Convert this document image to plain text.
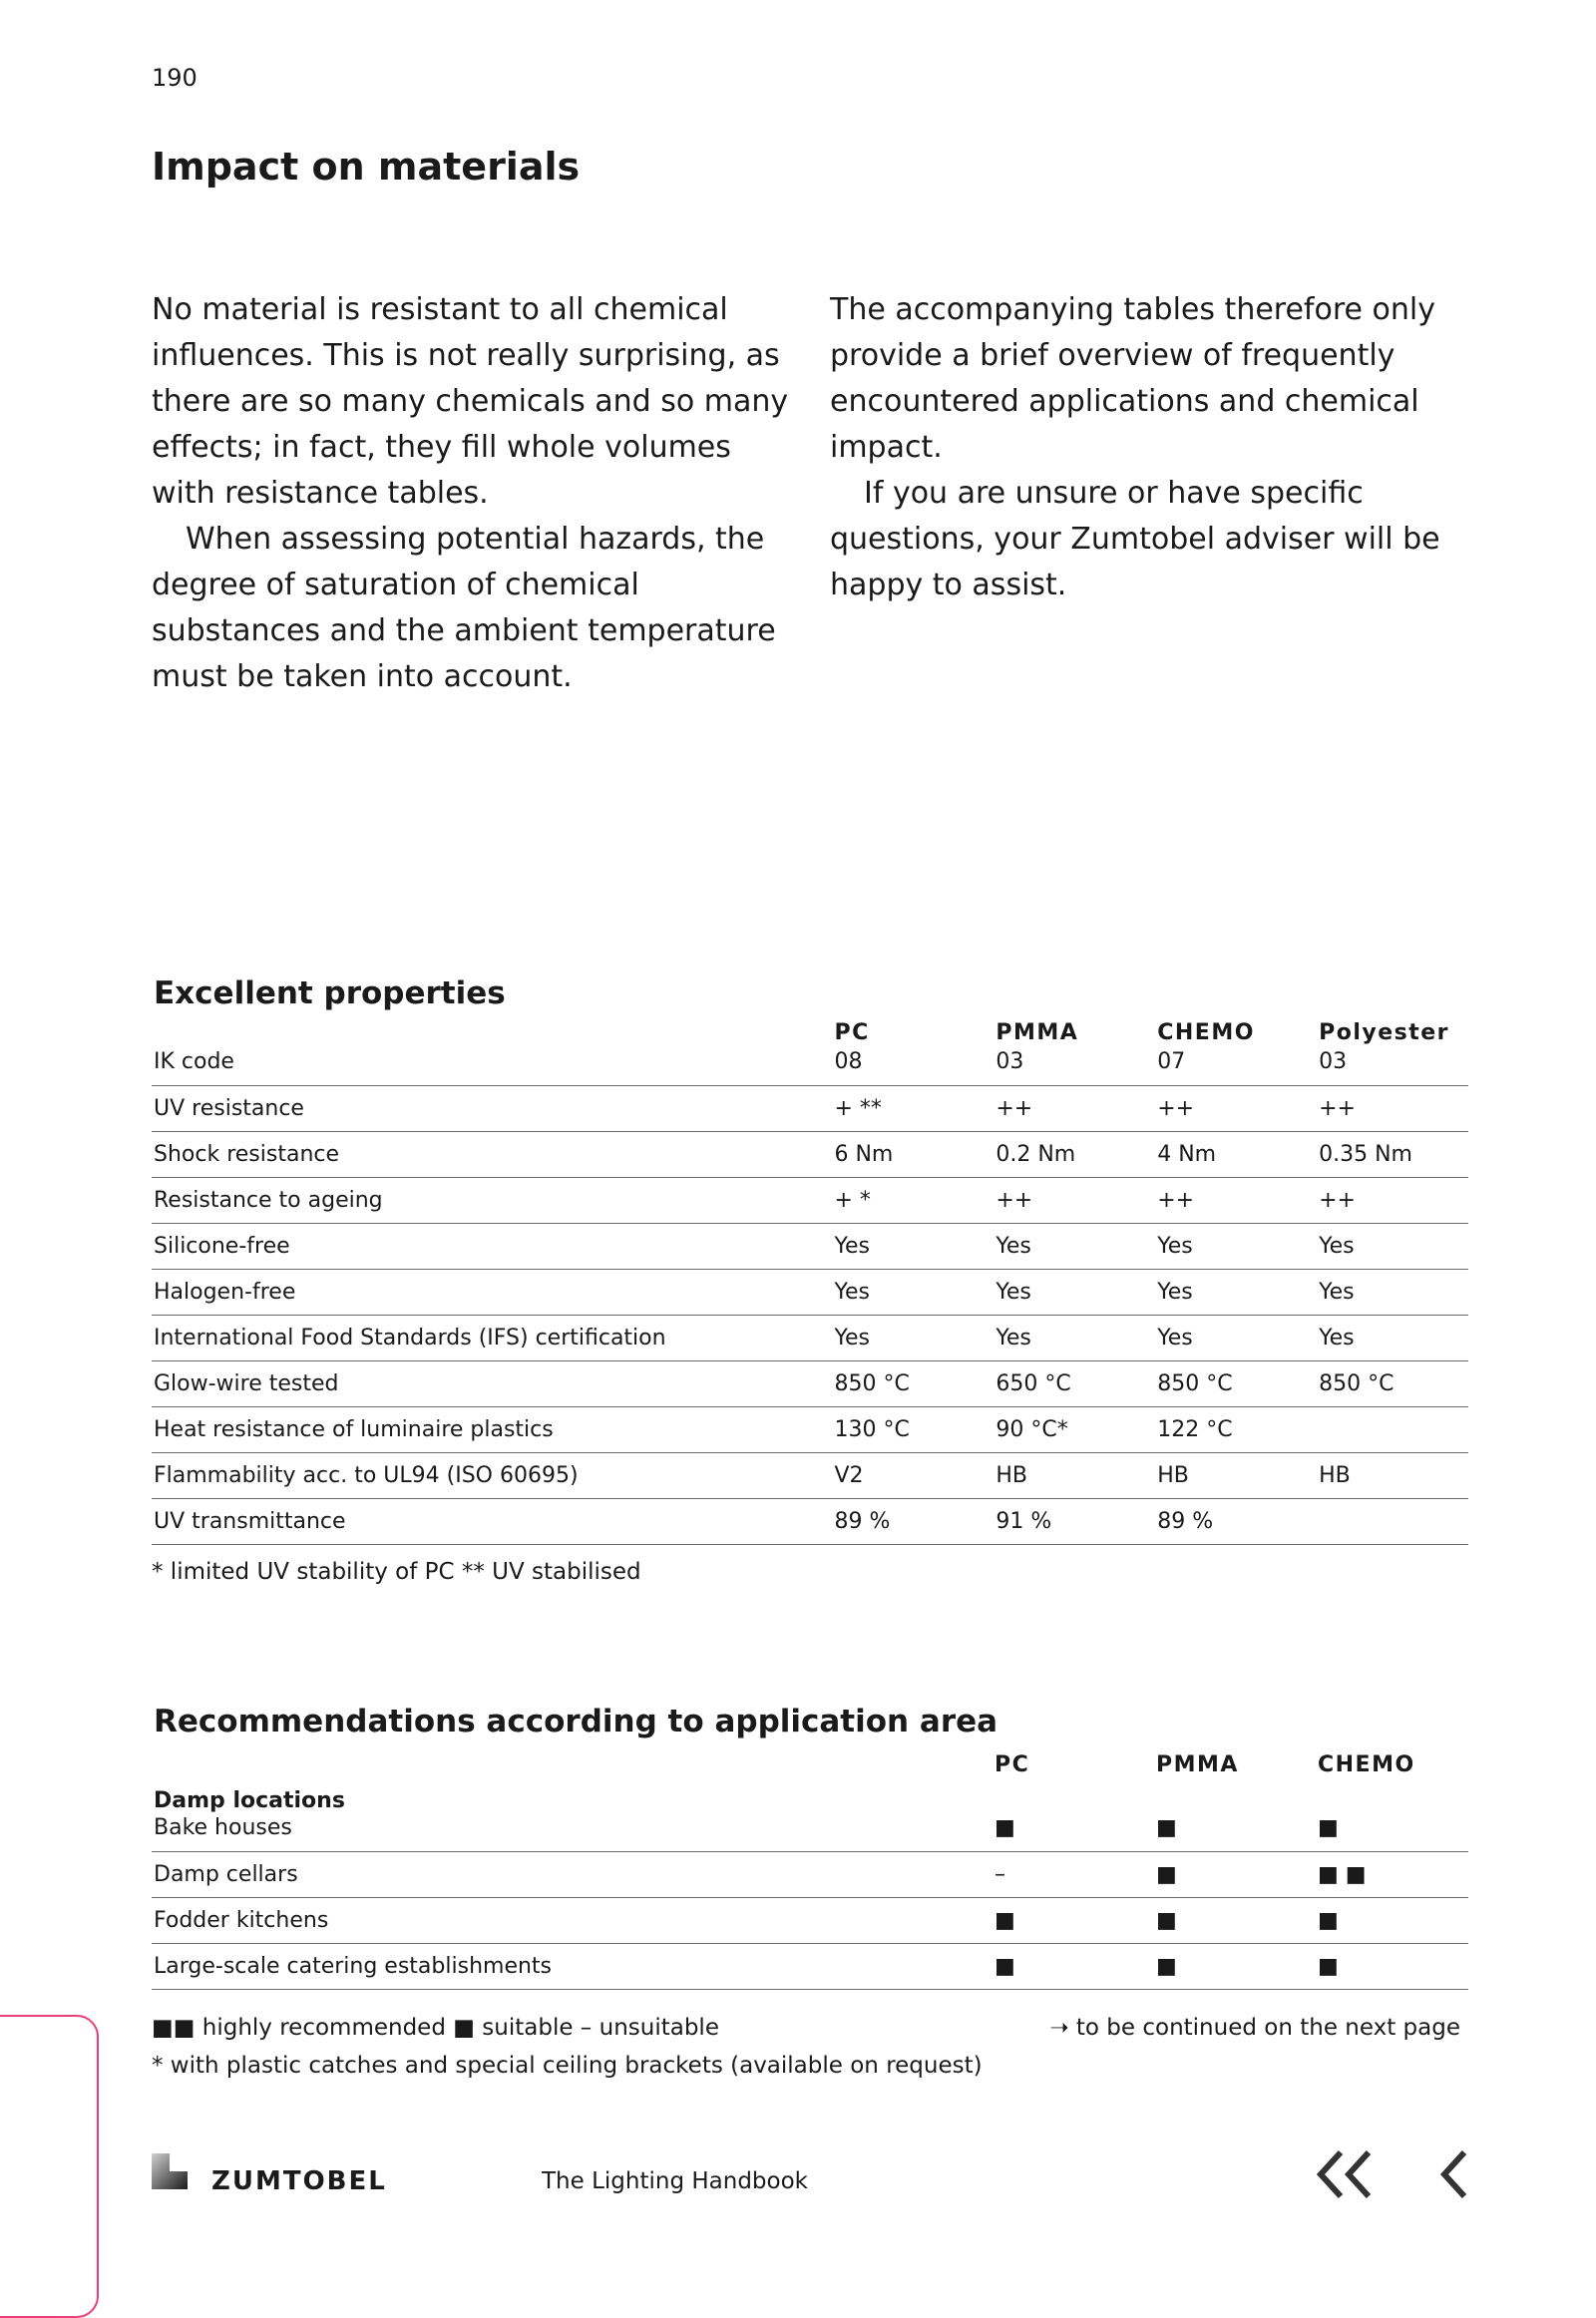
190
Impact on materials

No material is resistant to all chemical influences. This is not really surprising, as there are so many chemicals and so many effects; in fact, they fill whole volumes with resistance tables.

When assessing potential hazards, the degree of saturation of chemical substances and the ambient temperature must be taken into account.

The accompanying tables therefore only provide a brief overview of frequently encountered applications and chemical impact.

If you are unsure or have specific questions, your Zumtobel adviser will be happy to assist.

Excellent properties
PC	PMMA	CHEMO	Polyester
IK code	08	03	07	03
UV resistance	+ **	++	++	++
Shock resistance	6 Nm	0.2 Nm	4 Nm	0.35 Nm
Resistance to ageing	+ *	++	++	++
Silicone-free	Yes	Yes	Yes	Yes
Halogen-free	Yes	Yes	Yes	Yes
International Food Standards (IFS) certification	Yes	Yes	Yes	Yes
Glow-wire tested	850 °C	650 °C	850 °C	850 °C
Heat resistance of luminaire plastics	130 °C	90 °C*	122 °C
Flammability acc. to UL94 (ISO 60695)	V2	HB	HB	HB
UV transmittance	89 %	91 %	89 %
* limited UV stability of PC ** UV stabilised
Recommendations according to application area
PC	PMMA	CHEMO
Damp locations
Bake houses	■	■	■
Damp cellars	–	■	■ ■
Fodder kitchens	■	■	■
Large-scale catering establishments	■	■	■
■■ highly recommended ■ suitable – unsuitable	➝ to be continued on the next page
* with plastic catches and special ceiling brackets (available on request)
ZUMTOBEL	The Lighting Handbook
